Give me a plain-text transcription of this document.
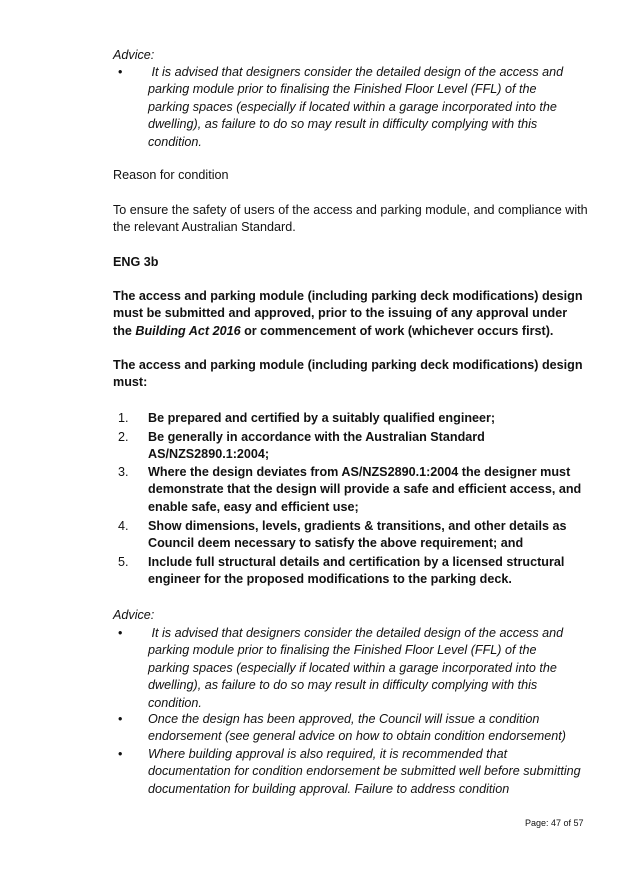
Advice:
• It is advised that designers consider the detailed design of the access and
parking module prior to finalising the Finished Floor Level (FFL) of the
parking spaces (especially if located within a garage incorporated into the
dwelling), as failure to do so may result in difficulty complying with this
condition.
Reason for condition
To ensure the safety of users of the access and parking module, and compliance with
the relevant Australian Standard.
ENG 3b
The access and parking module (including parking deck modifications) design
must be submitted and approved, prior to the issuing of any approval under
the Building Act 2016 or commencement of work (whichever occurs first).
The access and parking module (including parking deck modifications) design
must:
1. Be prepared and certified by a suitably qualified engineer;
2. Be generally in accordance with the Australian Standard
AS/NZS2890.1:2004;
3. Where the design deviates from AS/NZS2890.1:2004 the designer must
demonstrate that the design will provide a safe and efficient access, and
enable safe, easy and efficient use;
4. Show dimensions, levels, gradients & transitions, and other details as
Council deem necessary to satisfy the above requirement; and
5. Include full structural details and certification by a licensed structural
engineer for the proposed modifications to the parking deck.
Advice:
• It is advised that designers consider the detailed design of the access and
parking module prior to finalising the Finished Floor Level (FFL) of the
parking spaces (especially if located within a garage incorporated into the
dwelling), as failure to do so may result in difficulty complying with this
condition.
• Once the design has been approved, the Council will issue a condition
endorsement (see general advice on how to obtain condition endorsement)
• Where building approval is also required, it is recommended that
documentation for condition endorsement be submitted well before submitting
documentation for building approval. Failure to address condition
Page: 47 of 57
